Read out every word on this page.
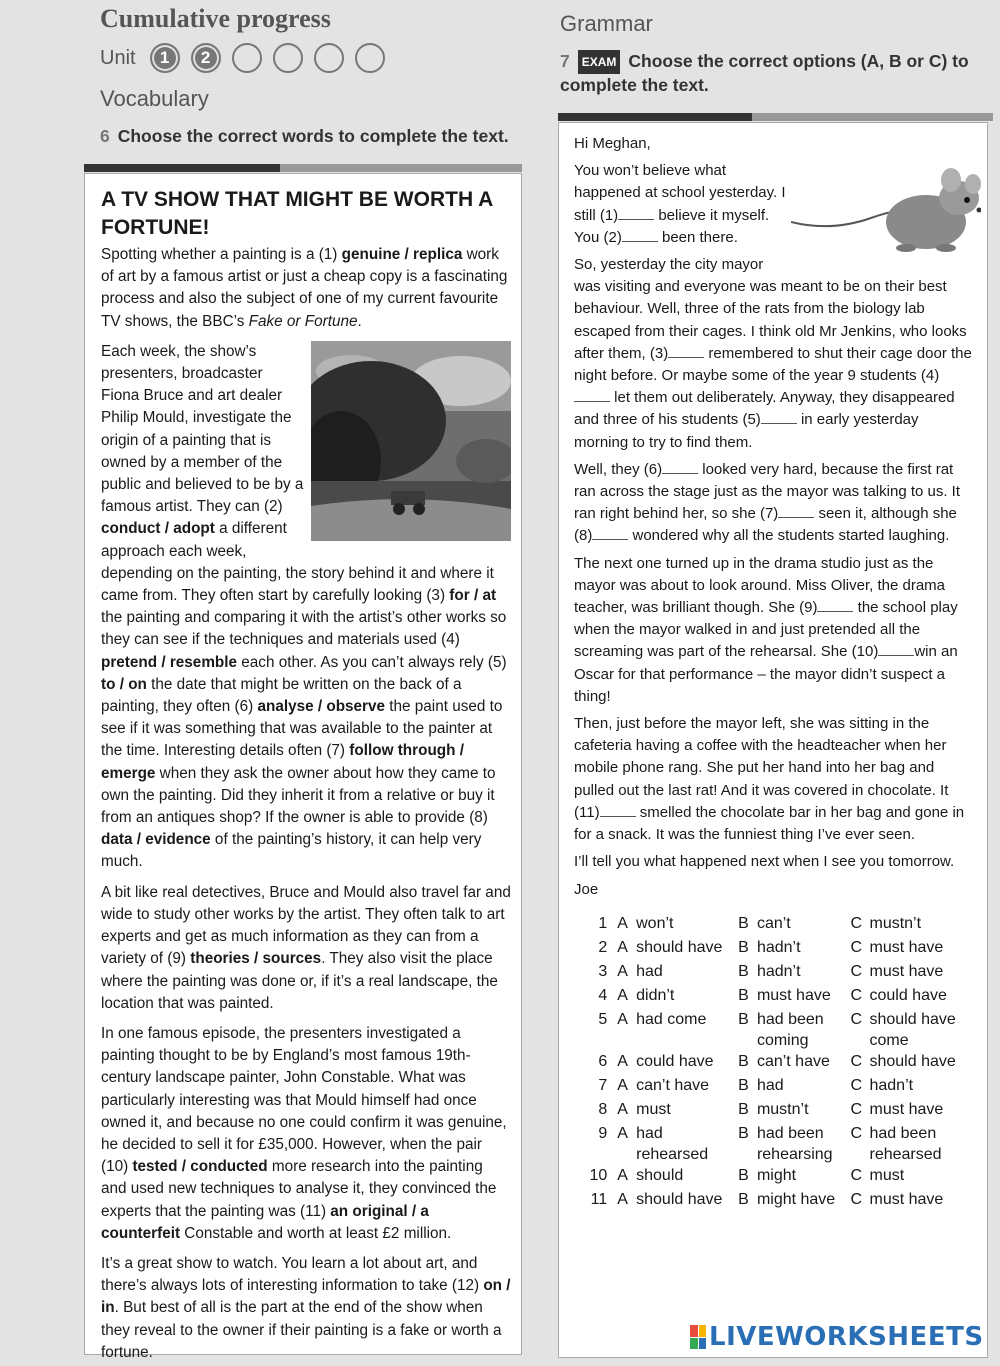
Cumulative progress
Unit	1	2
Vocabulary
6 Choose the correct words to complete the text.
A TV SHOW THAT MIGHT BE WORTH A FORTUNE!

Spotting whether a painting is a (1) genuine / replica work of art by a famous artist or just a cheap copy is a fascinating process and also the subject of one of my current favourite TV shows, the BBC’s Fake or Fortune.

Each week, the show’s presenters, broadcaster Fiona Bruce and art dealer Philip Mould, investigate the origin of a painting that is owned by a member of the public and believed to be by a famous artist. They can (2) conduct / adopt a different approach each week, depending on the painting, the story behind it and where it came from. They often start by carefully looking (3) for / at the painting and comparing it with the artist’s other works so they can see if the techniques and materials used (4) pretend / resemble each other. As you can’t always rely (5) to / on the date that might be written on the back of a painting, they often (6) analyse / observe the paint used to see if it was something that was available to the painter at the time. Interesting details often (7) follow through / emerge when they ask the owner about how they came to own the painting. Did they inherit it from a relative or buy it from an antiques shop? If the owner is able to provide (8) data / evidence of the painting’s history, it can help very much.

A bit like real detectives, Bruce and Mould also travel far and wide to study other works by the artist. They often talk to art experts and get as much information as they can from a variety of (9) theories / sources. They also visit the place where the painting was done or, if it’s a real landscape, the location that was painted.

In one famous episode, the presenters investigated a painting thought to be by England’s most famous 19th-century landscape painter, John Constable. What was particularly interesting was that Mould himself had once owned it, and because no one could confirm it was genuine, he decided to sell it for £35,000. However, when the pair (10) tested / conducted more research into the painting and used new techniques to analyse it, they convinced the experts that the painting was (11) an original / a counterfeit Constable and worth at least £2 million.

It’s a great show to watch. You learn a lot about art, and there’s always lots of interesting information to take (12) on / in. But best of all is the part at the end of the show when they reveal to the owner if their painting is a fake or worth a fortune.

Grammar
7 EXAM Choose the correct options (A, B or C) to complete the text.

Hi Meghan,

You won’t believe what happened at school yesterday. I still (1) believe it myself. You (2) been there.

So, yesterday the city mayor was visiting and everyone was meant to be on their best behaviour. Well, three of the rats from the biology lab escaped from their cages. I think old Mr Jenkins, who looks after them, (3) remembered to shut their cage door the night before. Or maybe some of the year 9 students (4) let them out deliberately. Anyway, they disappeared and three of his students (5) in early yesterday morning to try to find them.

Well, they (6) looked very hard, because the first rat ran across the stage just as the mayor was talking to us. It ran right behind her, so she (7) seen it, although she (8) wondered why all the students started laughing.

The next one turned up in the drama studio just as the mayor was about to look around. Miss Oliver, the drama teacher, was brilliant though. She (9) the school play when the mayor walked in and just pretended all the screaming was part of the rehearsal. She (10) win an Oscar for that performance – the mayor didn’t suspect a thing!

Then, just before the mayor left, she was sitting in the cafeteria having a coffee with the headteacher when her mobile phone rang. She put her hand into her bag and pulled out the last rat! And it was covered in chocolate. It (11) smelled the chocolate bar in her bag and gone in for a snack. It was the funniest thing I’ve ever seen.

I’ll tell you what happened next when I see you tomorrow.

Joe

1	A	won’t	B	can’t	C	mustn’t
2	A	should have	B	hadn’t	C	must have
3	A	had	B	hadn’t	C	must have
4	A	didn’t	B	must have	C	could have
5	A	had come	B	had been coming	C	should have come
6	A	could have	B	can’t have	C	should have
7	A	can’t have	B	had	C	hadn’t
8	A	must	B	mustn’t	C	must have
9	A	had rehearsed	B	had been rehearsing	C	had been rehearsed
10	A	should	B	might	C	must
11	A	should have	B	might have	C	must have
LIVEWORKSHEETS
